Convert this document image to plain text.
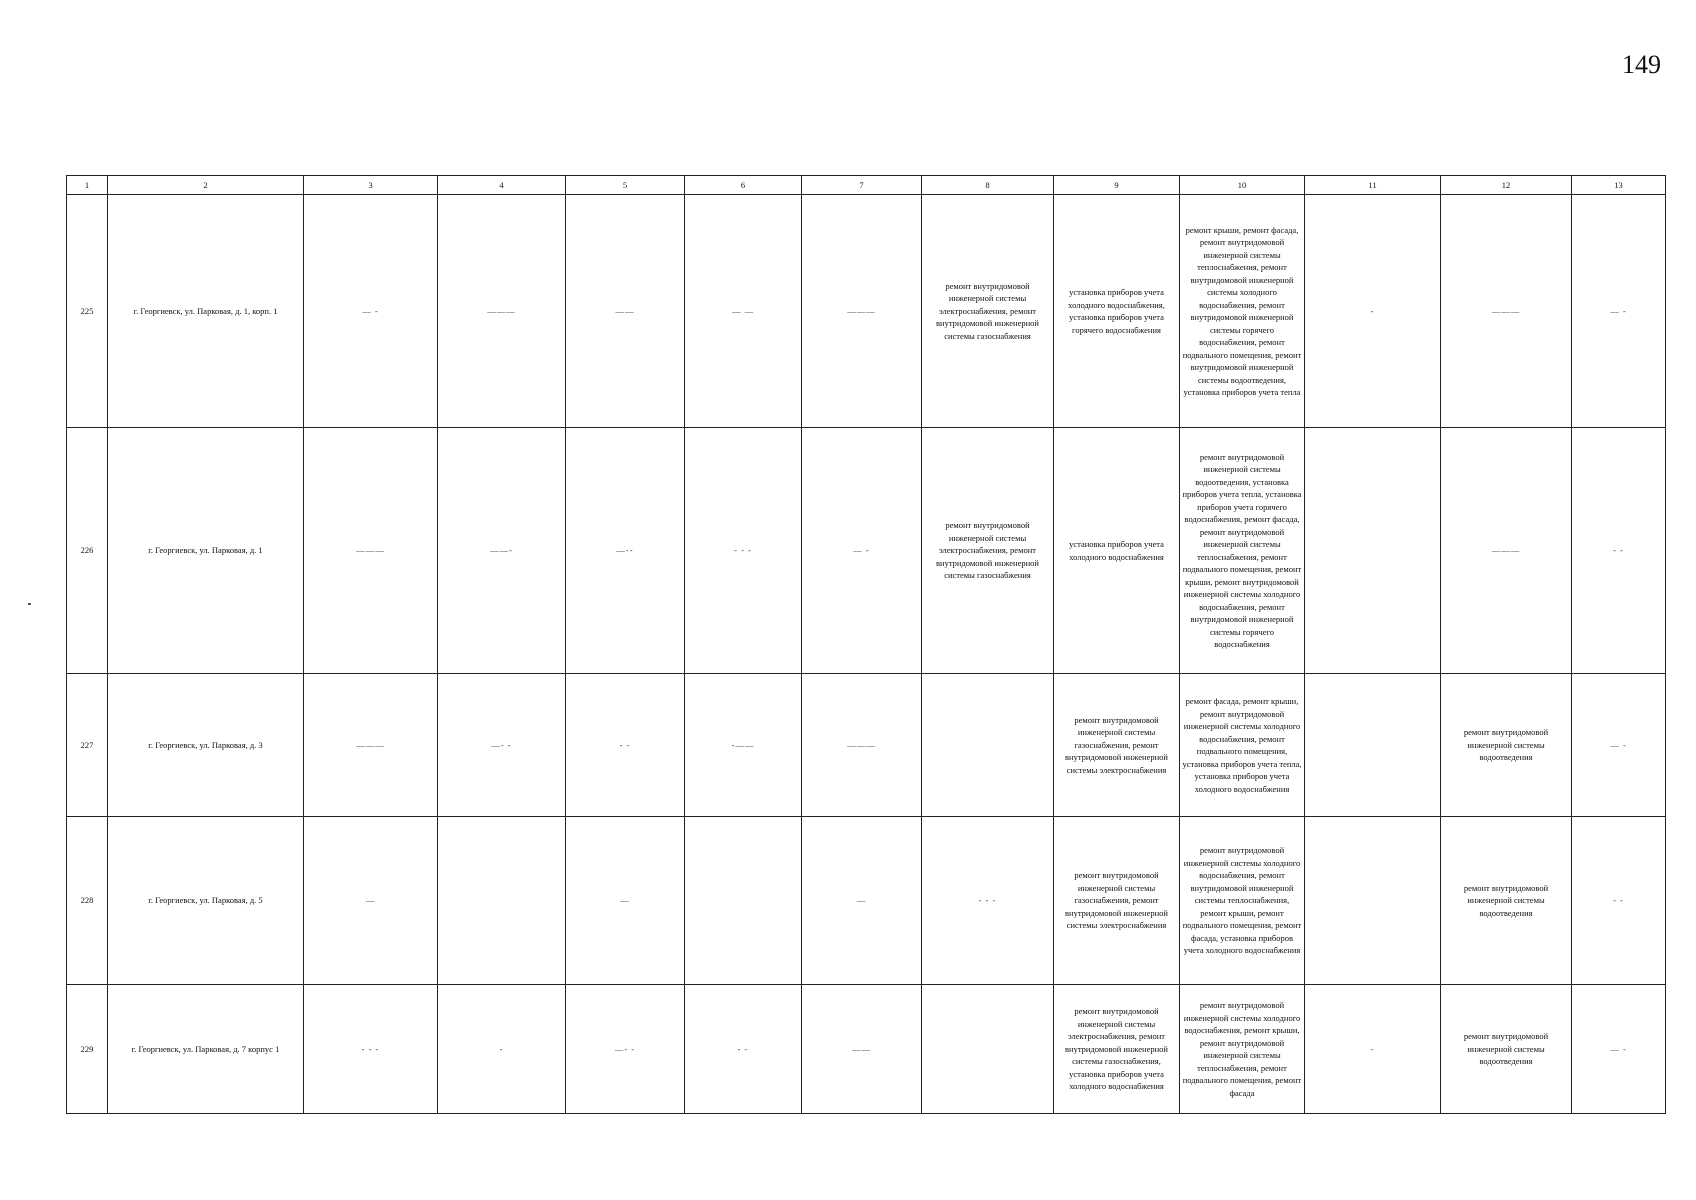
149
1	2	3	4	5	6	7	8	9	10	11	12	13
225	г. Георгиевск, ул. Парковая, д. 1, корп. 1	— -	———	——	— —	———	ремонт внутридомовой инженерной системы электроснабжения, ремонт внутридомовой инженерной системы газоснабжения	установка приборов учета холодного водоснабжения, установка приборов учета горячего водоснабжения	ремонт крыши, ремонт фасада, ремонт внутридомовой инженерной системы теплоснабжения, ремонт внутридомовой инженерной системы холодного водоснабжения, ремонт внутридомовой инженерной системы горячего водоснабжения, ремонт подвального помещения, ремонт внутридомовой инженерной системы водоотведения, установка приборов учета тепла	-	———	— -
226	г. Георгиевск, ул. Парковая, д. 1	———	——-	—--	- - -	— -	ремонт внутридомовой инженерной системы электроснабжения, ремонт внутридомовой инженерной системы газоснабжения	установка приборов учета холодного водоснабжения	ремонт внутридомовой инженерной системы водоотведения, установка приборов учета тепла, установка приборов учета горячего водоснабжения, ремонт фасада, ремонт внутридомовой инженерной системы теплоснабжения, ремонт подвального помещения, ремонт крыши, ремонт внутридомовой инженерной системы холодного водоснабжения, ремонт внутридомовой инженерной системы горячего водоснабжения		———	- -
227	г. Георгиевск, ул. Парковая, д. 3	———	—- -	- -	-——	———		ремонт внутридомовой инженерной системы газоснабжения, ремонт внутридомовой инженерной системы электроснабжения	ремонт фасада, ремонт крыши, ремонт внутридомовой инженерной системы холодного водоснабжения, ремонт подвального помещения, установка приборов учета тепла, установка приборов учета холодного водоснабжения		ремонт внутридомовой инженерной системы водоотведения	— -
228	г. Георгиевск, ул. Парковая, д. 5	—		—		—	- - -	ремонт внутридомовой инженерной системы газоснабжения, ремонт внутридомовой инженерной системы электроснабжения	ремонт внутридомовой инженерной системы холодного водоснабжения, ремонт внутридомовой инженерной системы теплоснабжения, ремонт крыши, ремонт подвального помещения, ремонт фасада, установка приборов учета холодного водоснабжения		ремонт внутридомовой инженерной системы водоотведения	- -
229	г. Георгиевск, ул. Парковая, д. 7 корпус 1	- - -	-	—- -	- -	——		ремонт внутридомовой инженерной системы электроснабжения, ремонт внутридомовой инженерной системы газоснабжения, установка приборов учета холодного водоснабжения	ремонт внутридомовой инженерной системы холодного водоснабжения, ремонт крыши, ремонт внутридомовой инженерной системы теплоснабжения, ремонт подвального помещения, ремонт фасада	-	ремонт внутридомовой инженерной системы водоотведения	— -
